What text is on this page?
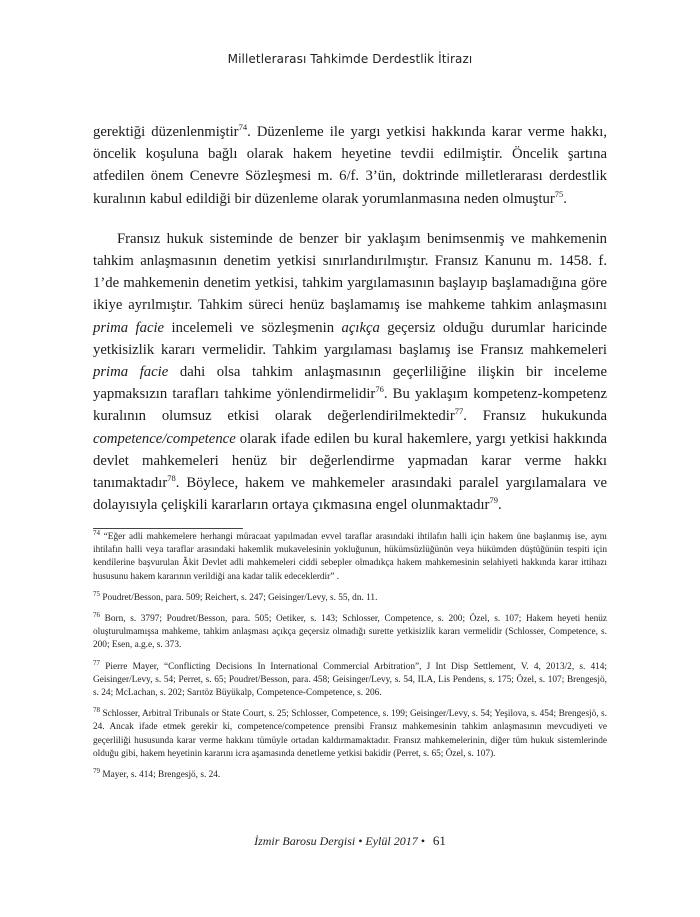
Milletlerarası Tahkimde Derdestlik İtirazı

gerektiği düzenlenmiştir$^{74}$. Düzenleme ile yargı yetkisi hakkında karar verme hakkı, öncelik koşuluna bağlı olarak hakem heyetine tevdii edilmiştir. Öncelik şartına atfedilen önem Cenevre Sözleşmesi m. 6/f. 3’ün, doktrinde milletlerarası derdestlik kuralının kabul edildiği bir düzenleme olarak yorumlanmasına neden olmuştur$^{75}$.

Fransız hukuk sisteminde de benzer bir yaklaşım benimsenmiş ve mahkemenin tahkim anlaşmasının denetim yetkisi sınırlandırılmıştır. Fransız Kanunu m. 1458. f. 1’de mahkemenin denetim yetkisi, tahkim yargılamasının başlayıp başlamadığına göre ikiye ayrılmıştır. Tahkim süreci henüz başlamamış ise mahkeme tahkim anlaşmasını prima facie incelemeli ve sözleşmenin açıkça geçersiz olduğu durumlar haricinde yetkisizlik kararı vermelidir. Tahkim yargılaması başlamış ise Fransız mahkemeleri prima facie dahi olsa tahkim anlaşmasının geçerliliğine ilişkin bir inceleme yapmaksızın tarafları tahkime yönlendirmelidir$^{76}$. Bu yaklaşım kompetenz-kompetenz kuralının olumsuz etkisi olarak değerlendirilmektedir$^{77}$. Fransız hukukunda competence/competence olarak ifade edilen bu kural hakemlere, yargı yetkisi hakkında devlet mahkemeleri henüz bir değerlendirme yapmadan karar verme hakkı tanımaktadır$^{78}$. Böylece, hakem ve mahkemeler arasındaki paralel yargılamalara ve dolayısıyla çelişkili kararların ortaya çıkmasına engel olunmaktadır$^{79}$.

$^{74}$ “Eğer adli mahkemelere herhangi müracaat yapılmadan evvel taraflar arasındaki ihtilafın halli için hakem üne başlanmış ise, aynı ihtilafın halli veya taraflar arasındaki hakemlik mukavelesinin yokluğunun, hükümsüzlüğünün veya hükümden düştüğünün tespiti için kendilerine başvurulan Âkit Devlet adli mahkemeleri ciddi sebepler olmadıkça hakem mahkemesinin selahiyeti hakkında karar ittihazı hususunu hakem kararının verildiği ana kadar talik edeceklerdir” .

$^{75}$ Poudret/Besson, para. 509; Reichert, s. 247; Geisinger/Levy, s. 55, dn. 11.

$^{76}$ Born, s. 3797; Poudret/Besson, para. 505; Oetiker, s. 143; Schlosser, Competence, s. 200; Özel, s. 107; Hakem heyeti henüz oluşturulmamışsa mahkeme, tahkim anlaşması açıkça geçersiz olmadığı surette yetkisizlik kararı vermelidir (Schlosser, Competence, s. 200; Esen, a.g.e, s. 373.

$^{77}$ Pierre Mayer, “Conflicting Decisions In International Commercial Arbitration”, J Int Disp Settlement, V. 4, 2013/2, s. 414; Geisinger/Levy, s. 54; Perret, s. 65; Poudret/Besson, para. 458; Geisinger/Levy, s. 54, ILA, Lis Pendens, s. 175; Özel, s. 107; Brengesjö, s. 24; McLachan, s. 202; Sarıtöz Büyükalp, Competence-Competence, s. 206.

$^{78}$ Schlosser, Arbitral Tribunals or State Court, s. 25; Schlosser, Competence, s. 199; Geisinger/Levy, s. 54; Yeşilova, s. 454; Brengesjö, s. 24. Ancak ifade etmek gerekir ki, competence/competence prensibi Fransız mahkemesinin tahkim anlaşmasının mevcudiyeti ve geçerliliği hususunda karar verme hakkını tümüyle ortadan kaldırmamaktadır. Fransız mahkemelerinin, diğer tüm hukuk sistemlerinde olduğu gibi, hakem heyetinin kararını icra aşamasında denetleme yetkisi bakidir (Perret, s. 65; Özel, s. 107).

$^{79}$ Mayer, s. 414; Brengesjö, s. 24.

İzmir Barosu Dergisi • Eylül 2017 • 61
